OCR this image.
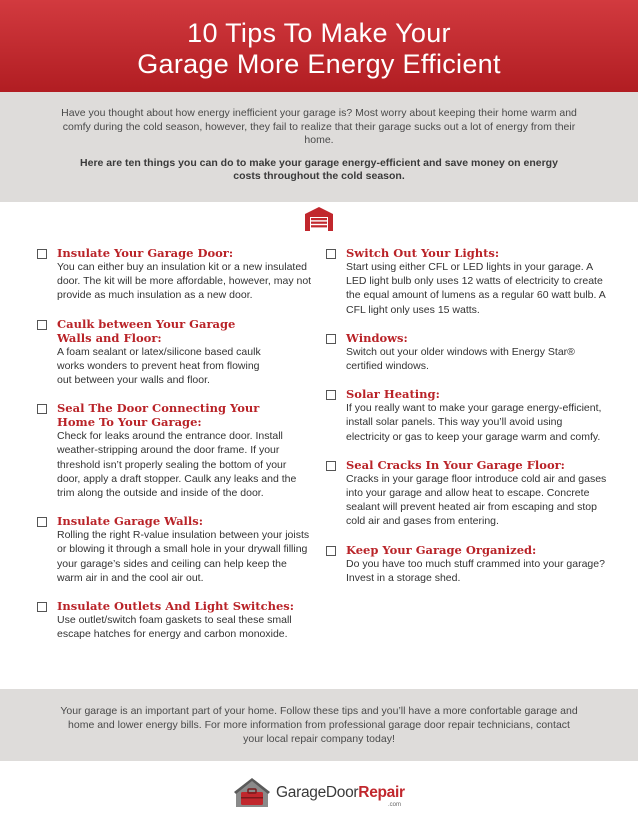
10 Tips To Make Your
Garage More Energy Efficient

Have you thought about how energy inefficient your garage is? Most worry about keeping their home warm and comfy during the cold season, however, they fail to realize that their garage sucks out a lot of energy from their home.

Here are ten things you can do to make your garage energy-efficient and save money on energy costs throughout the cold season.

Insulate Your Garage Door:
You can either buy an insulation kit or a new insulated door. The kit will be more affordable, however, may not provide as much insulation as a new door.
Caulk between Your Garage Walls and Floor:
A foam sealant or latex/silicone based caulk works wonders to prevent heat from flowing out between your walls and floor.
Seal The Door Connecting Your Home To Your Garage:
Check for leaks around the entrance door. Install weather-stripping around the door frame. If your threshold isn’t properly sealing the bottom of your door, apply a draft stopper. Caulk any leaks and the trim along the outside and inside of the door.
Insulate Garage Walls:
Rolling the right R-value insulation between your joists or blowing it through a small hole in your drywall filling your garage’s sides and ceiling can help keep the warm air in and the cool air out.
Insulate Outlets And Light Switches:
Use outlet/switch foam gaskets to seal these small escape hatches for energy and carbon monoxide.
Switch Out Your Lights:
Start using either CFL or LED lights in your garage. A LED light bulb only uses 12 watts of electricity to create the equal amount of lumens as a regular 60 watt bulb. A CFL light only uses 15 watts.
Windows:
Switch out your older windows with Energy Star® certified windows.
Solar Heating:
If you really want to make your garage energy-efficient, install solar panels. This way you’ll avoid using electricity or gas to keep your garage warm and comfy.
Seal Cracks In Your Garage Floor:
Cracks in your garage floor introduce cold air and gases into your garage and allow heat to escape. Concrete sealant will prevent heated air from escaping and stop cold air and gases from entering.
Keep Your Garage Organized:
Do you have too much stuff crammed into your garage? Invest in a storage shed.

Your garage is an important part of your home. Follow these tips and you’ll have a more confortable garage and home and lower energy bills. For more information from professional garage door repair technicians, contact your local repair company today!

GarageDoorRepair
.com
